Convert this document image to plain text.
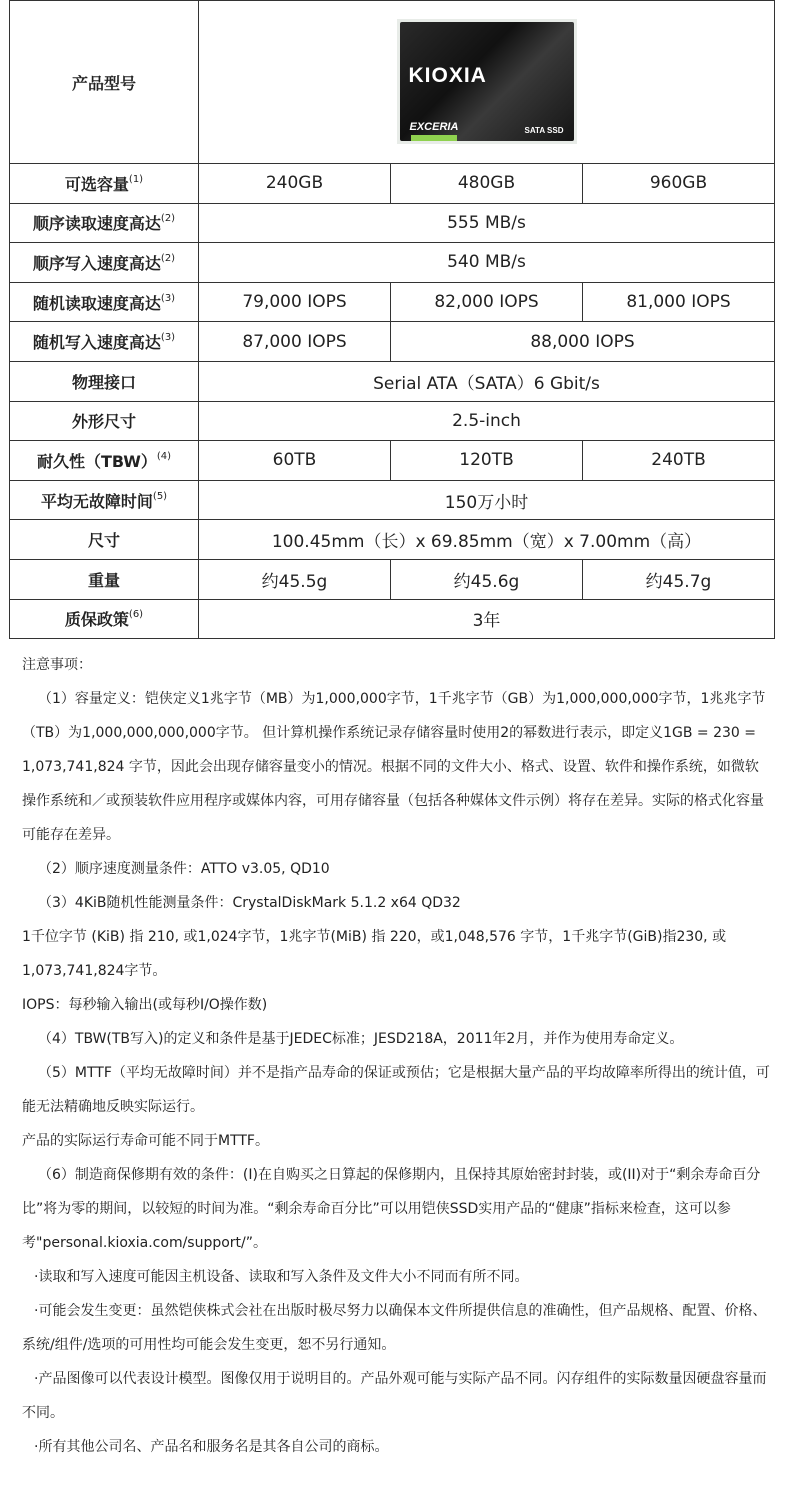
产品型号	KIOXIA
EXCERIA SATA SSD		

可选容量$^{(1)}$	240GB	480GB	960GB
顺序读取速度高达$^{(2)}$	555 MB/s		
顺序写入速度高达$^{(2)}$	540 MB/s		
随机读取速度高达$^{(3)}$	79,000 IOPS	82,000 IOPS	81,000 IOPS
随机写入速度高达$^{(3)}$	87,000 IOPS	88,000 IOPS	
物理接口	Serial ATA（SATA）6 Gbit/s		
外形尺寸	2.5-inch		
耐久性（TBW）$^{(4)}$	60TB	120TB	240TB
平均无故障时间$^{(5)}$	150万小时		
尺寸	100.45mm（长）x 69.85mm（宽）x 7.00mm（高）		
重量	约45.5g	约45.6g	约45.7g
质保政策$^{(6)}$	3年		

注意事项：

（1）容量定义：铠侠定义1兆字节（MB）为1,000,000字节，1千兆字节（GB）为1,000,000,000字节，1兆兆字节（TB）为1,000,000,000,000字节。 但计算机操作系统记录存储容量时使用2的幂数进行表示，即定义1GB = 230 = 1,073,741,824 字节，因此会出现存储容量变小的情况。根据不同的文件大小、格式、设置、软件和操作系统，如微软操作系统和／或预装软件应用程序或媒体内容，可用存储容量（包括各种媒体文件示例）将存在差异。实际的格式化容量可能存在差异。

（2）顺序速度测量条件：ATTO v3.05, QD10

（3）4KiB随机性能测量条件：CrystalDiskMark 5.1.2 x64 QD32

1千位字节 (KiB) 指 210, 或1,024字节，1兆字节(MiB) 指 220，或1,048,576 字节，1千兆字节(GiB)指230, 或1,073,741,824字节。

IOPS：每秒输入输出(或每秒I/O操作数)

（4）TBW(TB写入)的定义和条件是基于JEDEC标准；JESD218A，2011年2月，并作为使用寿命定义。

（5）MTTF（平均无故障时间）并不是指产品寿命的保证或预估；它是根据大量产品的平均故障率所得出的统计值，可能无法精确地反映实际运行。

产品的实际运行寿命可能不同于MTTF。

（6）制造商保修期有效的条件：(I)在自购买之日算起的保修期内，且保持其原始密封封装，或(II)对于“剩余寿命百分比”将为零的期间，以较短的时间为准。“剩余寿命百分比”可以用铠侠SSD实用产品的“健康”指标来检查，这可以参考"personal.kioxia.com/support/”。

·读取和写入速度可能因主机设备、读取和写入条件及文件大小不同而有所不同。

·可能会发生变更：虽然铠侠株式会社在出版时极尽努力以确保本文件所提供信息的准确性，但产品规格、配置、价格、系统/组件/选项的可用性均可能会发生变更，恕不另行通知。

·产品图像可以代表设计模型。图像仅用于说明目的。产品外观可能与实际产品不同。闪存组件的实际数量因硬盘容量而不同。

·所有其他公司名、产品名和服务名是其各自公司的商标。
